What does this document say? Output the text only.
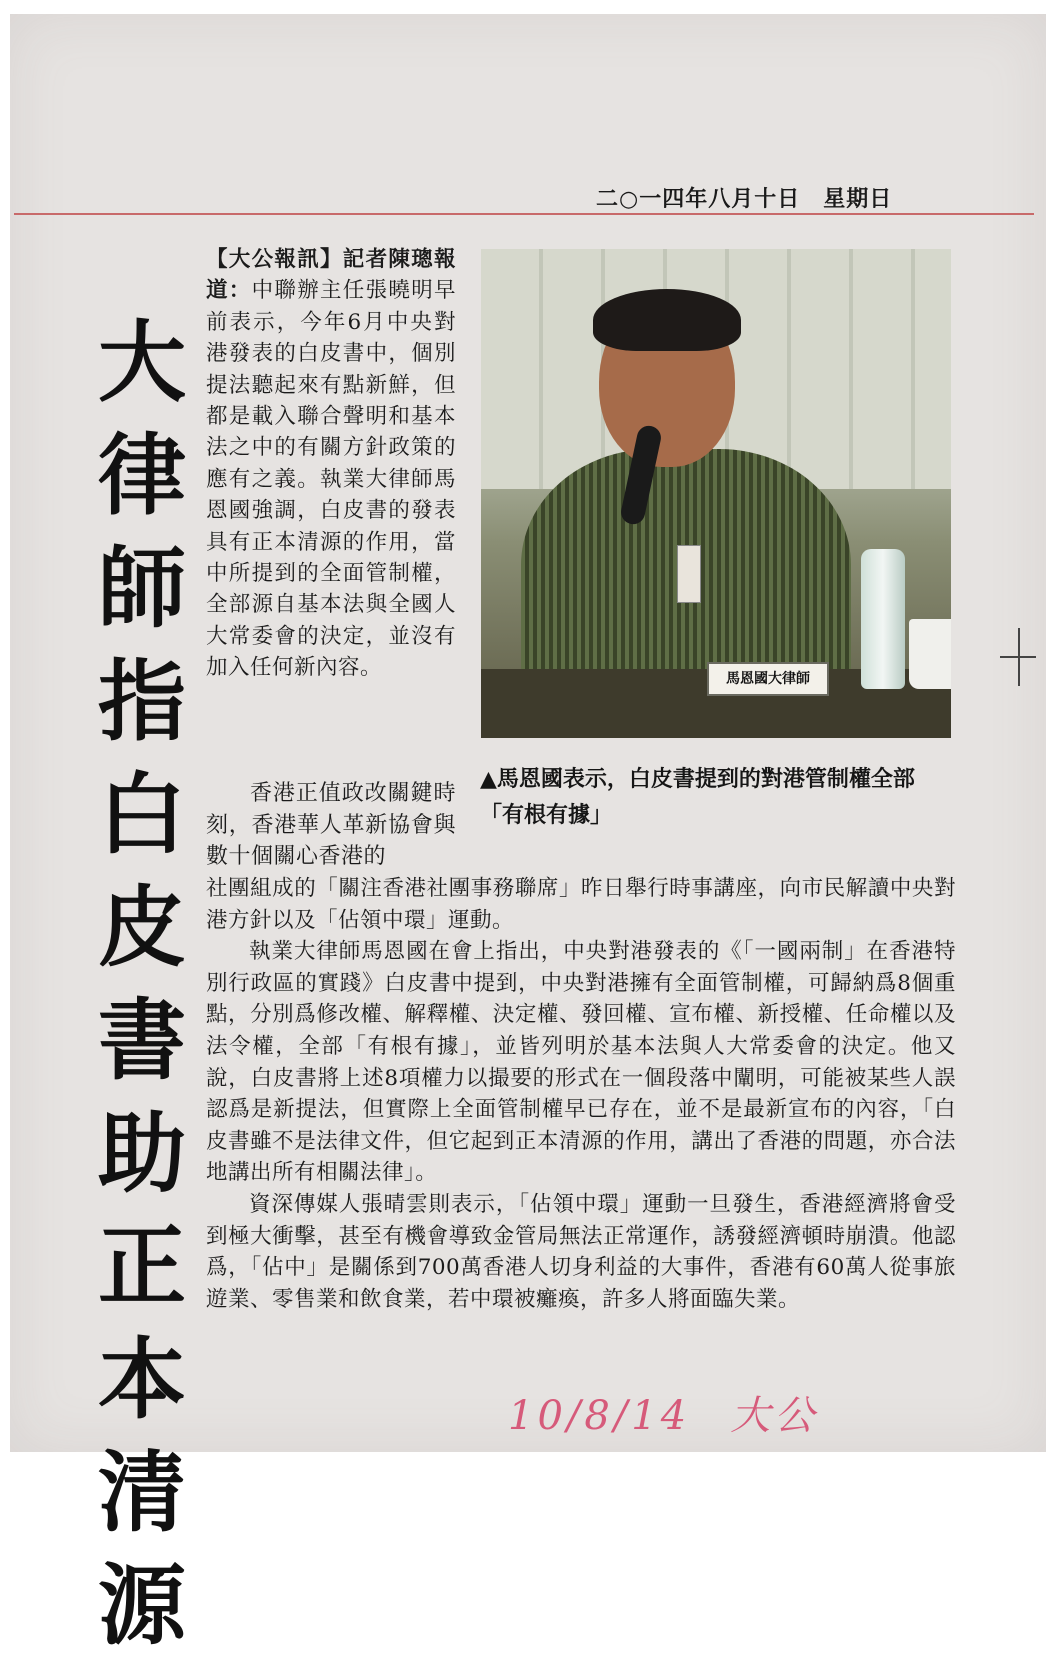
二○一四年八月十日　星期日
大
律
師
指
白
皮
書
助
正
本
清
源

【大公報訊】記者陳璁報道：中聯辦主任張曉明早前表示，今年6月中央對港發表的白皮書中，個別提法聽起來有點新鮮，但都是載入聯合聲明和基本法之中的有關方針政策的應有之義。執業大律師馬恩國強調，白皮書的發表具有正本清源的作用，當中所提到的全面管制權，全部源自基本法與全國人大常委會的決定，並沒有加入任何新內容。	馬恩國大律師
▲馬恩國表示，白皮書提到的對港管制權全部「有根有據」

香港正值政改關鍵時刻，香港華人革新協會與數十個關心香港的

社團組成的「關注香港社團事務聯席」昨日舉行時事講座，向市民解讀中央對港方針以及「佔領中環」運動。

執業大律師馬恩國在會上指出，中央對港發表的《「一國兩制」在香港特別行政區的實踐》白皮書中提到，中央對港擁有全面管制權，可歸納爲8個重點，分別爲修改權、解釋權、決定權、發回權、宣布權、新授權、任命權以及法令權，全部「有根有據」，並皆列明於基本法與人大常委會的決定。他又說，白皮書將上述8項權力以撮要的形式在一個段落中闡明，可能被某些人誤認爲是新提法，但實際上全面管制權早已存在，並不是最新宣布的內容，「白皮書雖不是法律文件，但它起到正本清源的作用，講出了香港的問題，亦合法地講出所有相關法律」。

資深傳媒人張晴雲則表示，「佔領中環」運動一旦發生，香港經濟將會受到極大衝擊，甚至有機會導致金管局無法正常運作，誘發經濟頓時崩潰。他認爲，「佔中」是關係到700萬香港人切身利益的大事件，香港有60萬人從事旅遊業、零售業和飲食業，若中環被癱瘓，許多人將面臨失業。

10/8/14 大公
